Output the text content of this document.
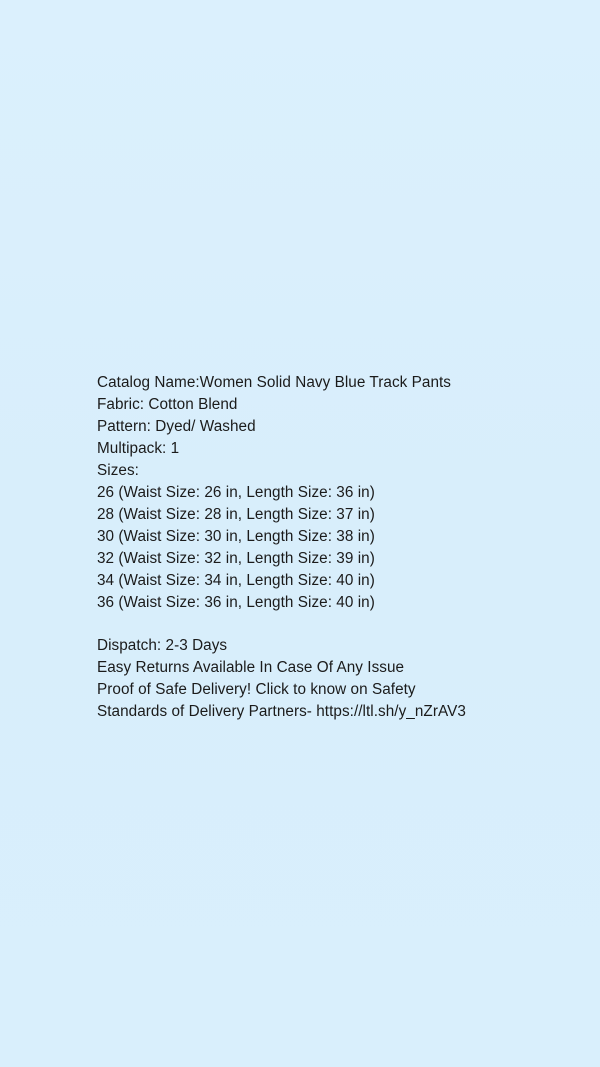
Catalog Name:Women Solid Navy Blue Track Pants
Fabric: Cotton Blend
Pattern: Dyed/ Washed
Multipack: 1
Sizes:
26 (Waist Size: 26 in, Length Size: 36 in)
28 (Waist Size: 28 in, Length Size: 37 in)
30 (Waist Size: 30 in, Length Size: 38 in)
32 (Waist Size: 32 in, Length Size: 39 in)
34 (Waist Size: 34 in, Length Size: 40 in)
36 (Waist Size: 36 in, Length Size: 40 in)
Dispatch: 2-3 Days
Easy Returns Available In Case Of Any Issue
Proof of Safe Delivery! Click to know on Safety
Standards of Delivery Partners- https://ltl.sh/y_nZrAV3
